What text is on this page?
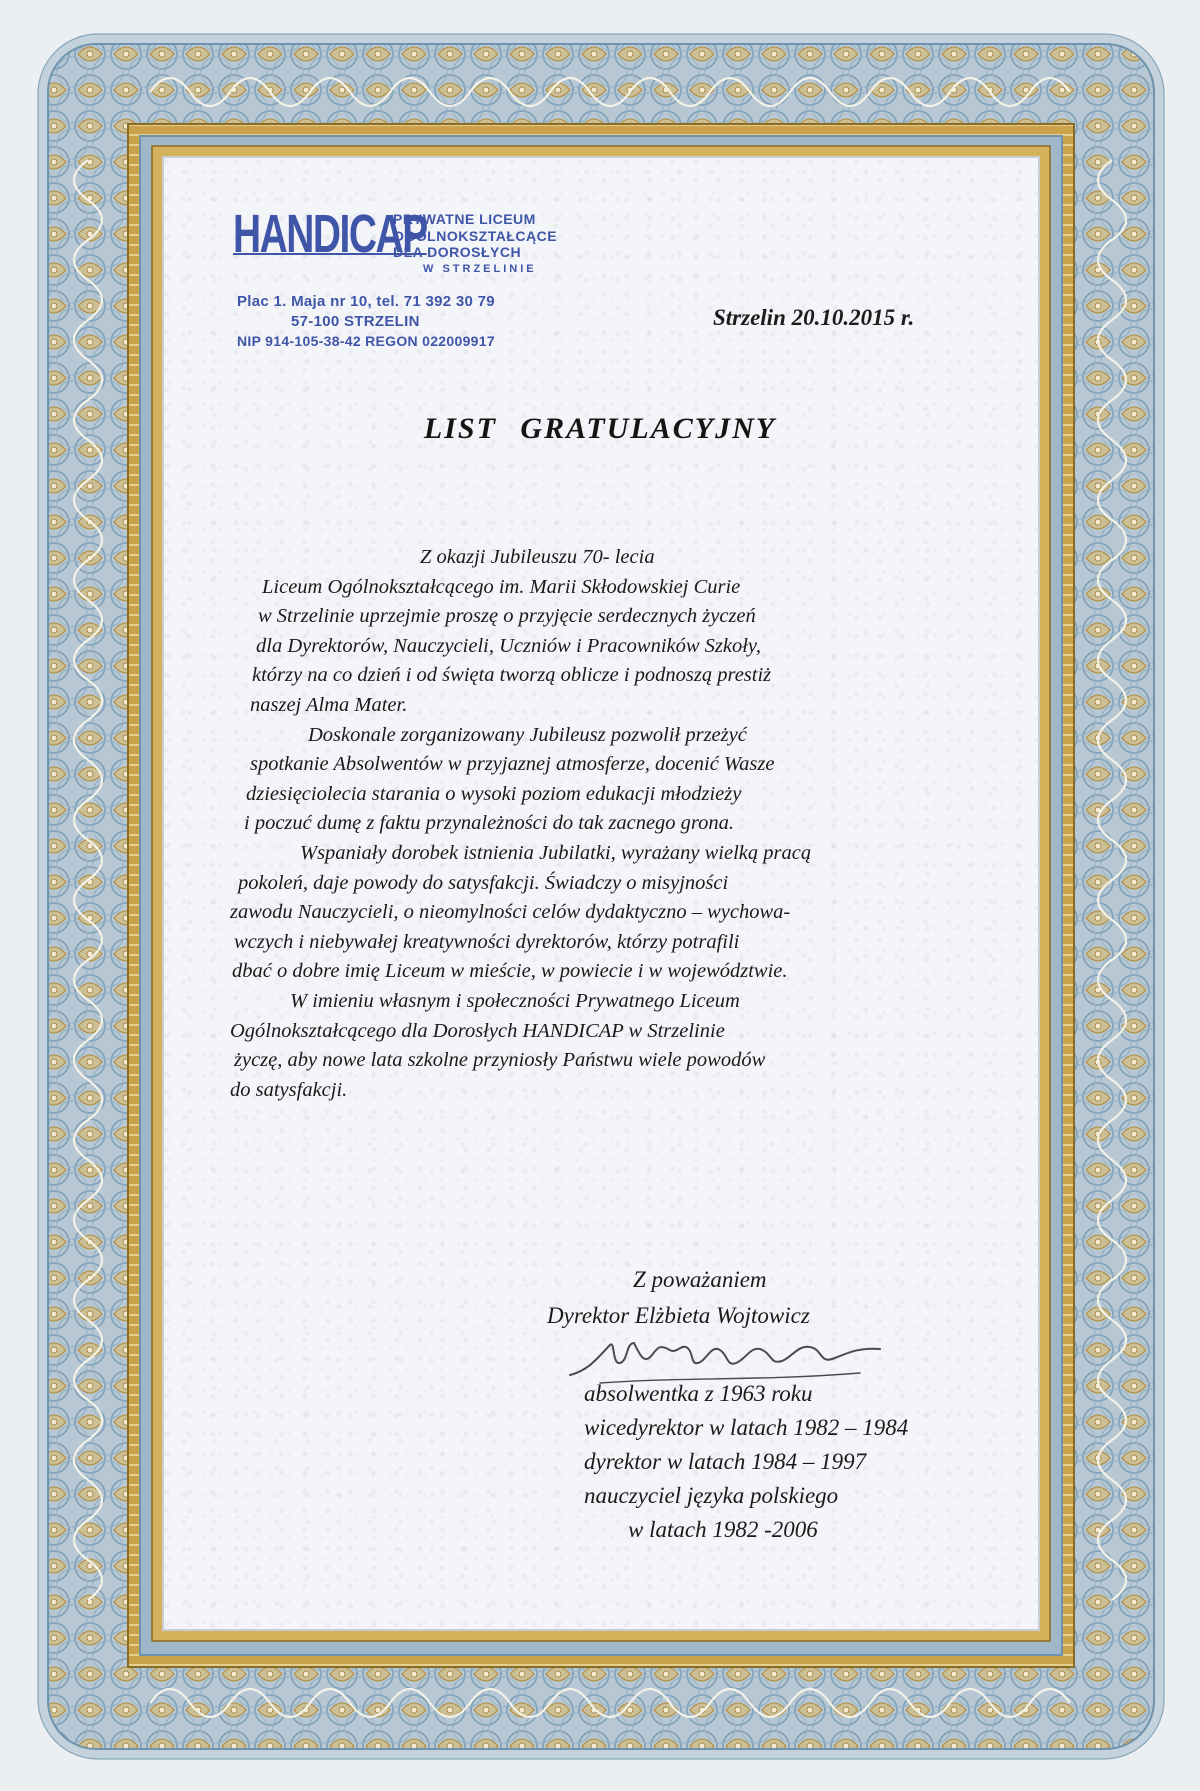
HANDICAP
PRYWATNE LICEUM
OGÓLNOKSZTAŁCĄCE
DLA DOROSŁYCH
W STRZELINIE
Plac 1. Maja nr 10, tel. 71 392 30 79
57-100 STRZELIN
NIP 914-105-38-42 REGON 022009917
Strzelin 20.10.2015 r.
LIST GRATULACYJNY
Z okazji Jubileuszu 70- lecia
Liceum Ogólnokształcącego im. Marii Skłodowskiej Curie
w Strzelinie uprzejmie proszę o przyjęcie serdecznych życzeń
dla Dyrektorów, Nauczycieli, Uczniów i Pracowników Szkoły,
którzy na co dzień i od święta tworzą oblicze i podnoszą prestiż
naszej Alma Mater.
Doskonale zorganizowany Jubileusz pozwolił przeżyć
spotkanie Absolwentów w przyjaznej atmosferze, docenić Wasze
dziesięciolecia starania o wysoki poziom edukacji młodzieży
i poczuć dumę z faktu przynależności do tak zacnego grona.
Wspaniały dorobek istnienia Jubilatki, wyrażany wielką pracą
pokoleń, daje powody do satysfakcji. Świadczy o misyjności
zawodu Nauczycieli, o nieomylności celów dydaktyczno – wychowa-
wczych i niebywałej kreatywności dyrektorów, którzy potrafili
dbać o dobre imię Liceum w mieście, w powiecie i w województwie.
W imieniu własnym i społeczności Prywatnego Liceum
Ogólnokształcącego dla Dorosłych HANDICAP w Strzelinie
życzę, aby nowe lata szkolne przyniosły Państwu wiele powodów
do satysfakcji.
Z poważaniem
Dyrektor Elżbieta Wojtowicz
absolwentka z 1963 roku
wicedyrektor w latach 1982 – 1984
dyrektor w latach 1984 – 1997
nauczyciel języka polskiego
w latach 1982 -2006
